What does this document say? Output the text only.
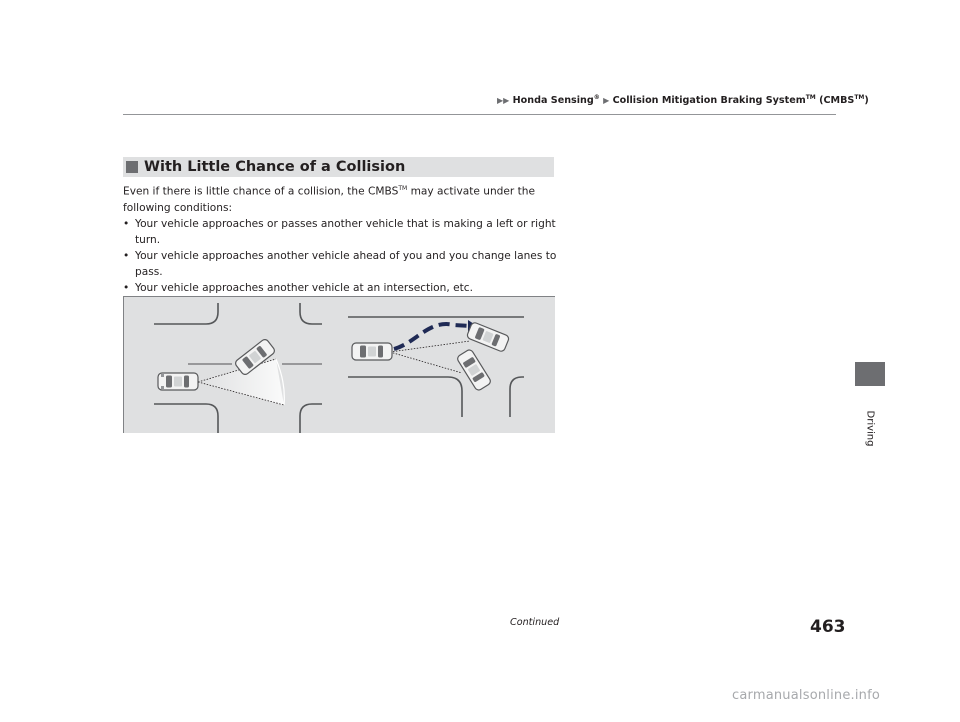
▶▶ Honda Sensing® ▶ Collision Mitigation Braking System™ (CMBS™)
Driving
With Little Chance of a Collision

Even if there is little chance of a collision, the CMBS™ may activate under the following conditions:

• Your vehicle approaches or passes another vehicle that is making a left or right turn.
• Your vehicle approaches another vehicle ahead of you and you change lanes to pass.
• Your vehicle approaches another vehicle at an intersection, etc.
Continued	463
carmanualsonline.info
